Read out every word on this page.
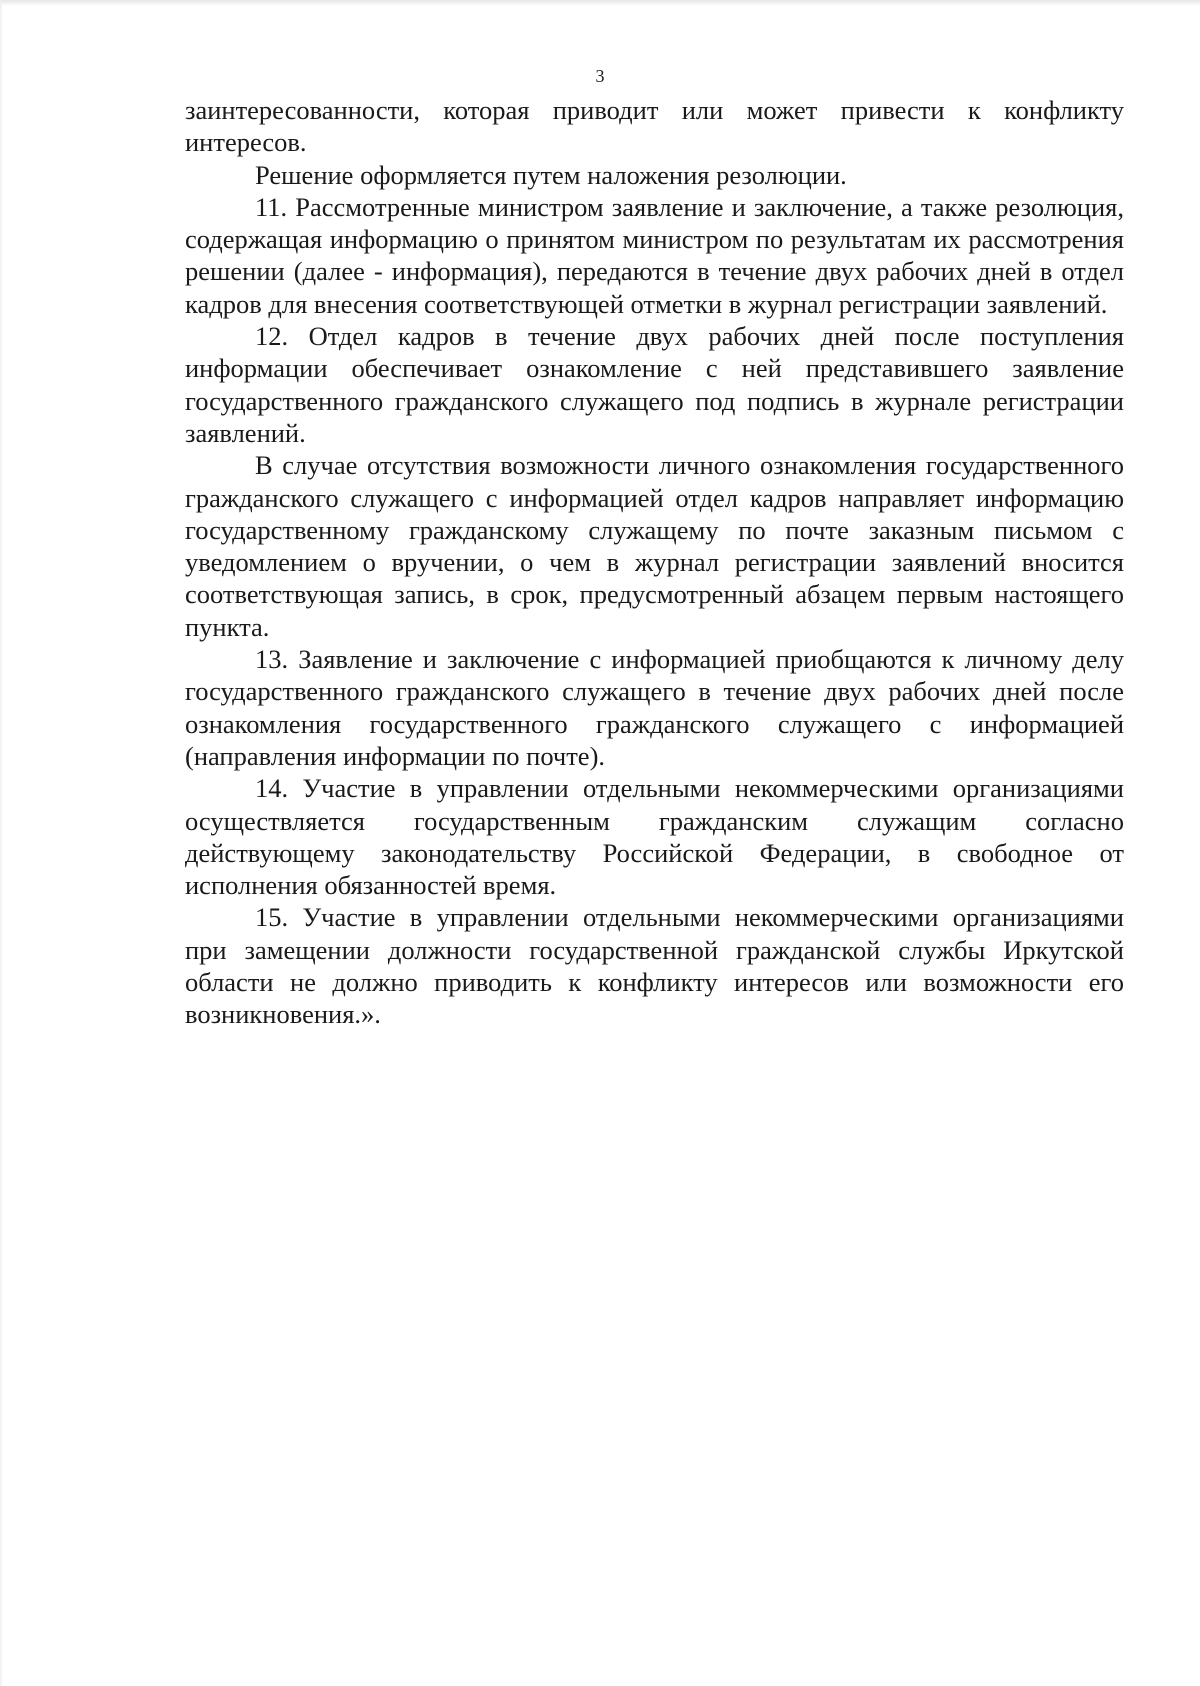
3

заинтересованности, которая приводит или может привести к конфликту интересов.

Решение оформляется путем наложения резолюции.

11. Рассмотренные министром заявление и заключение, а также резолюция, содержащая информацию о принятом министром по результатам их рассмотрения решении (далее - информация), передаются в течение двух рабочих дней в отдел кадров для внесения соответствующей отметки в журнал регистрации заявлений.

12. Отдел кадров в течение двух рабочих дней после поступления информации обеспечивает ознакомление с ней представившего заявление государственного гражданского служащего под подпись в журнале регистрации заявлений.

В случае отсутствия возможности личного ознакомления государственного гражданского служащего с информацией отдел кадров направляет информацию государственному гражданскому служащему по почте заказным письмом с уведомлением о вручении, о чем в журнал регистрации заявлений вносится соответствующая запись, в срок, предусмотренный абзацем первым настоящего пункта.

13. Заявление и заключение с информацией приобщаются к личному делу государственного гражданского служащего в течение двух рабочих дней после ознакомления государственного гражданского служащего с информацией (направления информации по почте).

14. Участие в управлении отдельными некоммерческими организациями осуществляется государственным гражданским служащим согласно действующему законодательству Российской Федерации, в свободное от исполнения обязанностей время.

15. Участие в управлении отдельными некоммерческими организациями при замещении должности государственной гражданской службы Иркутской области не должно приводить к конфликту интересов или возможности его возникновения.».
